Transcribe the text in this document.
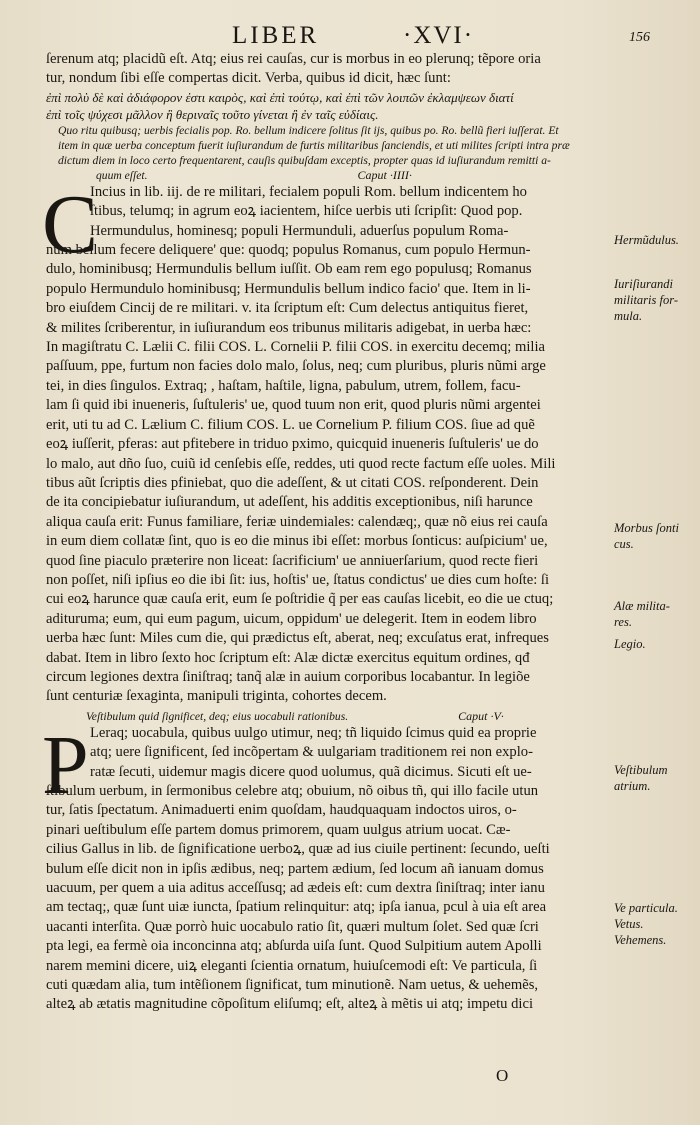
LIBER	·XVI·	156
ſerenum atq; placidũ eſt. Atq; eius rei cauſas, cur is morbus in eo plerunq; tẽpore oria
tur, nondum ſibi eſſe compertas dicit. Verba, quibus id dicit, hæc ſunt:
ἐπὶ πολὺ δὲ καὶ ἀδιάφορον ἐστι καιρὸς, καὶ ἐπὶ τούτῳ, καὶ ἐπὶ τῶν λοιπῶν ἐκλαμψεων διατί
ἐπὶ τοῖς ψύχεσι μᾶλλον ἢ θεριναῖς τοῦτο γίνεται ἢ ἐν ταῖς εὐδίαις.
Quo ritu quibusq; uerbis fecialis pop. Ro. bellum indicere ſolitus ſit ijs, quibus po. Ro. bellũ fieri iuſſerat. Et
item in quæ uerba conceptum fuerit iuſiurandum de furtis militaribus ſanciendis, et uti milites ſcripti intra præ
dictum diem in loco certo frequentarent, cauſis quibuſdam exceptis, propter quas id iuſiurandum remitti a-
quum eſſet.	Caput ·IIII·
C
Incius in lib. iij. de re militari, fecialem populi Rom. bellum indicentem ho
ſtibus, telumq; in agrum eoꝝ iacientem, hiſce uerbis uti ſcripſit: Quod pop.
Hermundulus, hominesq; populi Hermunduli, aduerſus populum Roma-
num bellum fecere deliquere' que: quodq; populus Romanus, cum populo Hermun-
dulo, hominibusq; Hermundulis bellum iuſſit. Ob eam rem ego populusq; Romanus
populo Hermundulo hominibusq; Hermundulis bellum indico facio' que. Item in li-
bro eiuſdem Cincij de re militari. v. ita ſcriptum eſt: Cum delectus antiquitus fieret,
& milites ſcriberentur, in iuſiurandum eos tribunus militaris adigebat, in uerba hæc:
In magiſtratu C. Lælii C. filii COS. L. Cornelii P. filii COS. in exercitu decemq; milia
paſſuum, ppe, furtum non facies dolo malo, ſolus, neq; cum pluribus, pluris nũmi arge
tei, in dies ſingulos. Extraq; , haſtam, haſtile, ligna, pabulum, utrem, follem, facu-
lam ſi quid ibi inueneris, ſuſtuleris' ue, quod tuum non erit, quod pluris nũmi argentei
erit, uti tu ad C. Lælium C. filium COS. L. ue Cornelium P. filium COS. ſiue ad quẽ
eoꝝ iuſſerit, pferas: aut pfitebere in triduo pximo, quicquid inueneris ſuſtuleris' ue do
lo malo, aut dño ſuo, cuiũ id cenſebis eſſe, reddes, uti quod recte factum eſſe uoles. Mili
tibus aũt ſcriptis dies pfiniebat, quo die adeſſent, & ut citati COS. reſponderent. Dein
de ita concipiebatur iuſiurandum, ut adeſſent, his additis exceptionibus, niſi harunce
aliqua cauſa erit: Funus familiare, feriæ uindemiales: calendæq;, quæ nõ eius rei cauſa
in eum diem collatæ ſint, quo is eo die minus ibi eſſet: morbus ſonticus: auſpicium' ue,
quod ſine piaculo præterire non liceat: ſacrificium' ue anniuerſarium, quod recte fieri
non poſſet, niſi ipſius eo die ibi ſit: ius, hoſtis' ue, ſtatus condictus' ue dies cum hoſte: ſi
cui eoꝝ harunce quæ cauſa erit, eum ſe poſtridie q̃ per eas cauſas licebit, eo die ue ctuq;
adituruma; eum, qui eum pagum, uicum, oppidum' ue delegerit. Item in eodem libro
uerba hæc ſunt: Miles cum die, qui prædictus eſt, aberat, neq; excuſatus erat, infreques
dabat. Item in libro ſexto hoc ſcriptum eſt: Alæ dictæ exercitus equitum ordines, qđ
circum legiones dextra ſiniſtraq; tanq̃ alæ in auium corporibus locabantur. In legiõe
ſunt centuriæ ſexaginta, manipuli triginta, cohortes decem.
Veſtibulum quid ſignificet, deq; eius uocabuli rationibus.	Caput ·V·
P Leraq; uocabula, quibus uulgo utimur, neq; tñ liquido ſcimus quid ea proprie
atq; uere ſignificent, ſed incõpertam & uulgariam traditionem rei non explo-
ratæ ſecuti, uidemur magis dicere quod uolumus, quã dicimus. Sicuti eſt ue-
ſtibulum uerbum, in ſermonibus celebre atq; obuium, nõ oibus tñ, qui illo facile utun
tur, ſatis ſpectatum. Animaduerti enim quoſdam, haudquaquam indoctos uiros, o-
pinari ueſtibulum eſſe partem domus primorem, quam uulgus atrium uocat. Cæ-
cilius Gallus in lib. de ſignificatione uerboꝝ, quæ ad ius ciuile pertinent: ſecundo, ueſti
bulum eſſe dicit non in ipſis ædibus, neq; partem ædium, ſed locum añ ianuam domus
uacuum, per quem a uia aditus acceſſusq; ad ædeis eſt: cum dextra ſiniſtraq; inter ianu
am tectaq;, quæ ſunt uiæ iuncta, ſpatium relinquitur: atq; ipſa ianua, pcul à uia eſt area
uacanti interſita. Quæ porrò huic uocabulo ratio ſit, quæri multum ſolet. Sed quæ ſcri
pta legi, ea fermè oia inconcinna atq; abſurda uiſa ſunt. Quod Sulpitium autem Apolli
narem memini dicere, uiꝝ eleganti ſcientia ornatum, huiuſcemodi eſt: Ve particula, ſi
cuti quædam alia, tum intẽſionem ſignificat, tum minutionẽ. Nam uetus, & uehemẽs,
alteꝝ ab ætatis magnitudine cõpoſitum eliſumq; eſt, alteꝝ à mẽtis ui atq; impetu dici
Hermũdulus.
Iuriſiurandi
militaris for-
mula.
Morbus ſonti
cus.
Alæ milita-
res.
Legio.
Veſtibulum
atrium.
Ve particula.
Vetus.
Vehemens.
O
